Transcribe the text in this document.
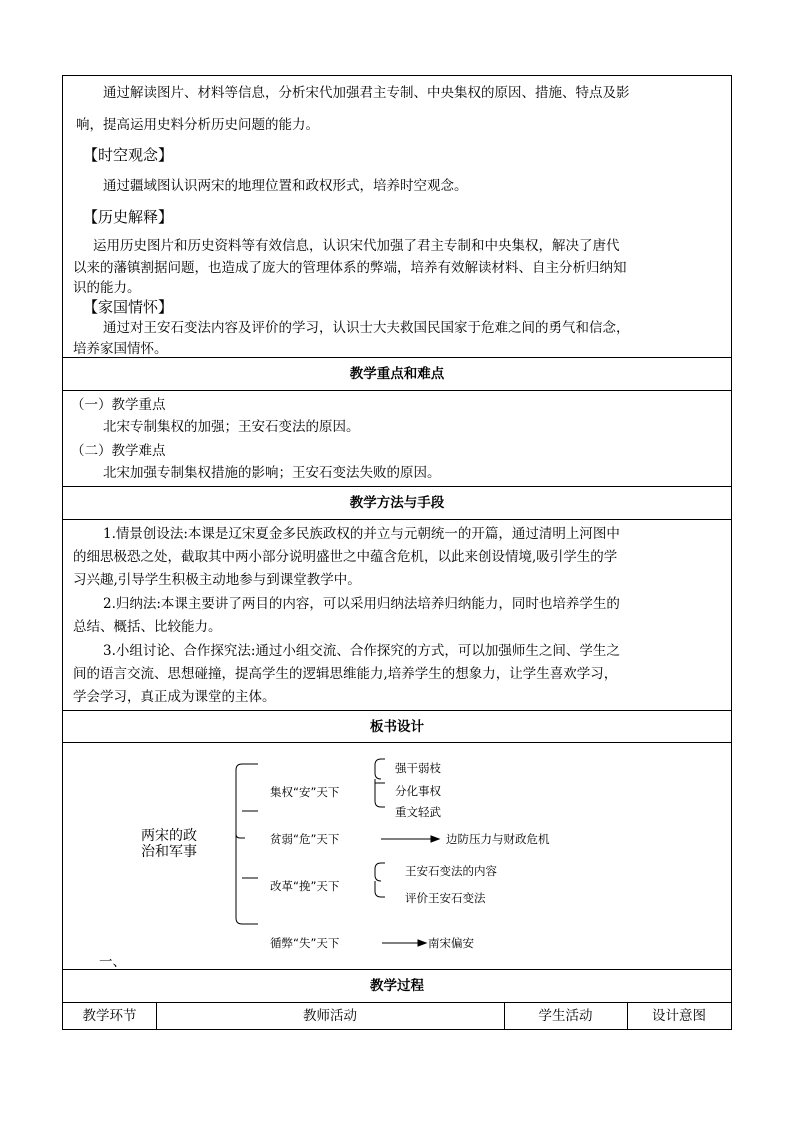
通过解读图片、材料等信息，分析宋代加强君主专制、中央集权的原因、措施、特点及影
响，提高运用史料分析历史问题的能力。
【时空观念】
通过疆域图认识两宋的地理位置和政权形式，培养时空观念。
【历史解释】
运用历史图片和历史资料等有效信息，认识宋代加强了君主专制和中央集权，解决了唐代
以来的藩镇割据问题，也造成了庞大的管理体系的弊端，培养有效解读材料、自主分析归纳知
识的能力。
【家国情怀】
通过对王安石变法内容及评价的学习，认识士大夫救国民国家于危难之间的勇气和信念，
培养家国情怀。
教学重点和难点
（一）教学重点
北宋专制集权的加强；王安石变法的原因。
（二）教学难点
北宋加强专制集权措施的影响；王安石变法失败的原因。
教学方法与手段
1.情景创设法:本课是辽宋夏金多民族政权的并立与元朝统一的开篇，通过清明上河图中
的细思极恐之处，截取其中两小部分说明盛世之中蕴含危机，以此来创设情境,吸引学生的学
习兴趣,引导学生积极主动地参与到课堂教学中。
2.归纳法:本课主要讲了两目的内容，可以采用归纳法培养归纳能力，同时也培养学生的
总结、概括、比较能力。
3.小组讨论、合作探究法:通过小组交流、合作探究的方式，可以加强师生之间、学生之
间的语言交流、思想碰撞，提高学生的逻辑思维能力,培养学生的想象力，让学生喜欢学习，
学会学习，真正成为课堂的主体。
板书设计
两宋的政
治和军事
集权“安”天下
强干弱枝
分化事权
重文轻武
贫弱“危”天下	边防压力与财政危机
改革“挽”天下
王安石变法的内容
评价王安石变法
循弊“失”天下	南宋偏安
一、
教学过程
教学环节	教师活动	学生活动	设计意图
